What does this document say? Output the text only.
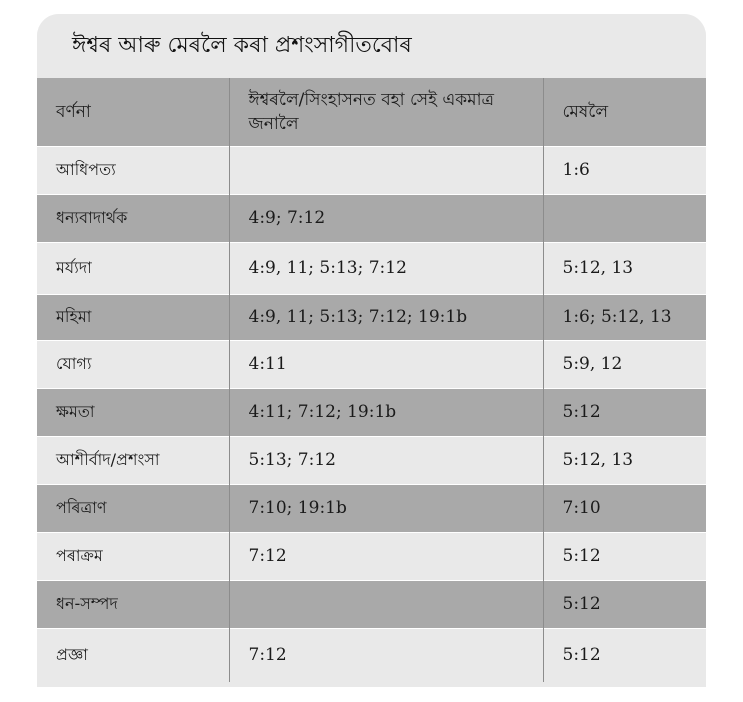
ঈশ্বৰ আৰু মেৰলৈ কৰা প্ৰশংসাগীতবোৰ
বৰ্ণনা	ঈশ্বৰলৈ/সিংহাসনত বহা সেই একমাত্ৰ জনালৈ	মেষলৈ
আধিপত্য		1:6
ধন্যবাদাৰ্থক	4:9; 7:12	
মৰ্য্যদা	4:9, 11; 5:13; 7:12	5:12, 13
মহিমা	4:9, 11; 5:13; 7:12; 19:1b	1:6; 5:12, 13
যোগ্য	4:11	5:9, 12
ক্ষমতা	4:11; 7:12; 19:1b	5:12
আশীৰ্বাদ/প্ৰশংসা	5:13; 7:12	5:12, 13
পৰিত্ৰাণ	7:10; 19:1b	7:10
পৰাক্ৰম	7:12	5:12
ধন-সম্পদ		5:12
প্ৰজ্ঞা	7:12	5:12
